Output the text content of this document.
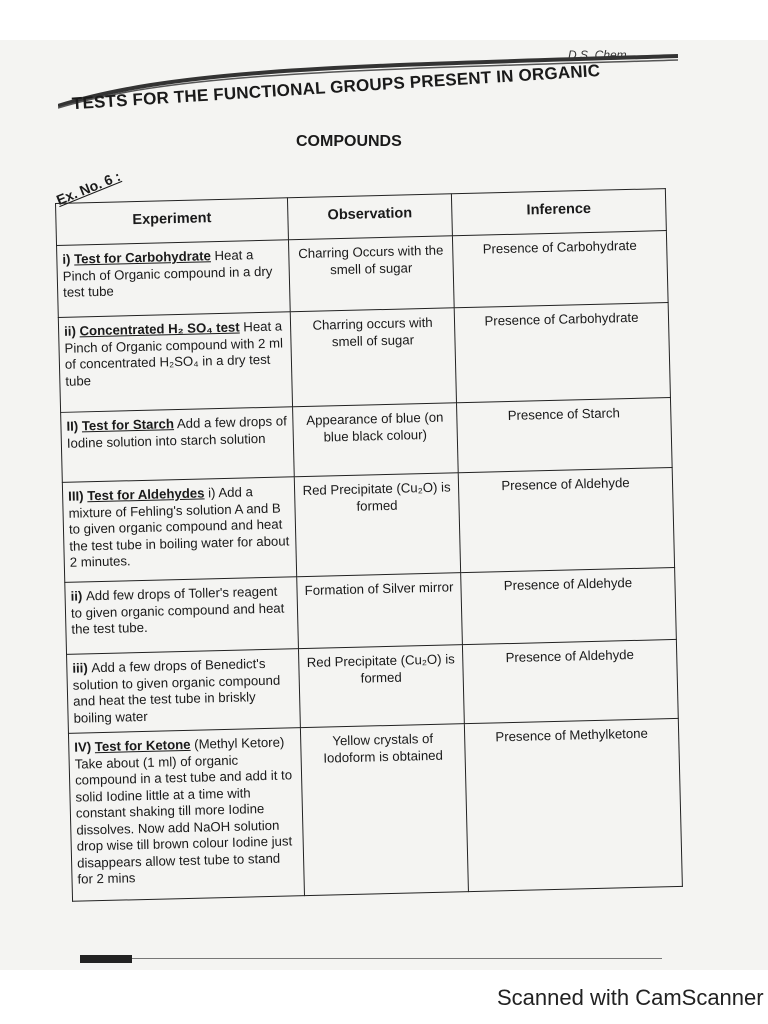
D.S. Chem...
TESTS FOR THE FUNCTIONAL GROUPS PRESENT IN ORGANIC
COMPOUNDS
Ex. No. 6 :
Experiment	Observation	Inference
i) Test for Carbohydrate Heat a Pinch of Organic compound in a dry test tube	Charring Occurs with the smell of sugar	Presence of Carbohydrate
ii) Concentrated H₂ SO₄ test Heat a Pinch of Organic compound with 2 ml of concentrated H₂SO₄ in a dry test tube	Charring occurs with smell of sugar	Presence of Carbohydrate
II) Test for Starch Add a few drops of Iodine solution into starch solution	Appearance of blue (on blue black colour)	Presence of Starch
III) Test for Aldehydes i) Add a mixture of Fehling's solution A and B to given organic compound and heat the test tube in boiling water for about 2 minutes.	Red Precipitate (Cu₂O) is formed	Presence of Aldehyde
ii) Add few drops of Toller's reagent to given organic compound and heat the test tube.	Formation of Silver mirror	Presence of Aldehyde
iii) Add a few drops of Benedict's solution to given organic compound and heat the test tube in briskly boiling water	Red Precipitate (Cu₂O) is formed	Presence of Aldehyde
IV) Test for Ketone (Methyl Ketore) Take about (1 ml) of organic compound in a test tube and add it to solid Iodine little at a time with constant shaking till more Iodine dissolves. Now add NaOH solution drop wise till brown colour Iodine just disappears allow test tube to stand for 2 mins	Yellow crystals of Iodoform is obtained	Presence of Methylketone
Scanned with CamScanner
